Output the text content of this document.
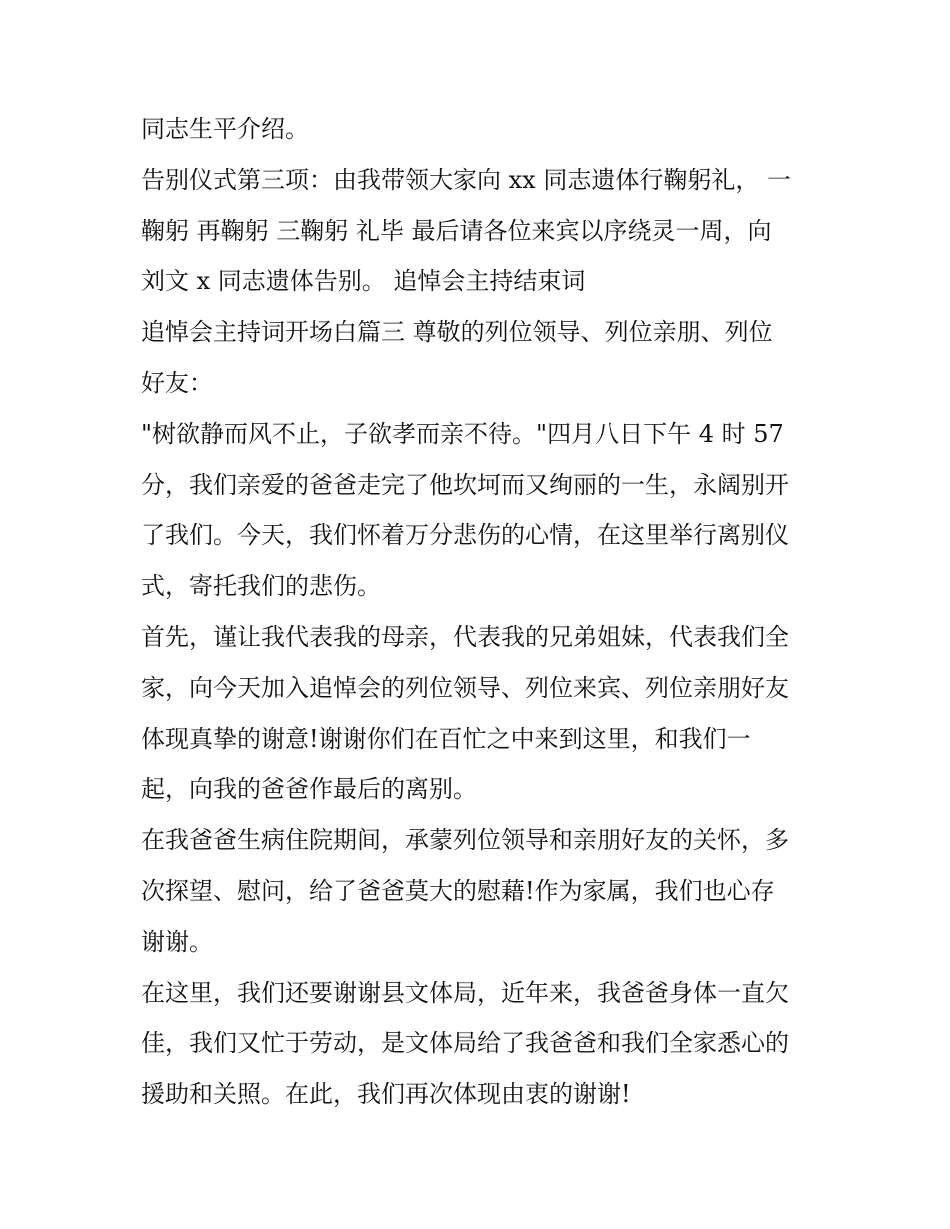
同志生平介绍。
告别仪式第三项：由我带领大家向 xx 同志遗体行鞠躬礼， 一
鞠躬 再鞠躬 三鞠躬 礼毕 最后请各位来宾以序绕灵一周，向
刘文 x 同志遗体告别。 追悼会主持结束词
追悼会主持词开场白篇三 尊敬的列位领导、列位亲朋、列位
好友：
"树欲静而风不止，子欲孝而亲不待。"四月八日下午 4 时 57
分，我们亲爱的爸爸走完了他坎坷而又绚丽的一生，永阔别开
了我们。今天，我们怀着万分悲伤的心情，在这里举行离别仪
式，寄托我们的悲伤。
首先，谨让我代表我的母亲，代表我的兄弟姐妹，代表我们全
家，向今天加入追悼会的列位领导、列位来宾、列位亲朋好友
体现真挚的谢意!谢谢你们在百忙之中来到这里，和我们一
起，向我的爸爸作最后的离别。
在我爸爸生病住院期间，承蒙列位领导和亲朋好友的关怀，多
次探望、慰问，给了爸爸莫大的慰藉!作为家属，我们也心存
谢谢。
在这里，我们还要谢谢县文体局，近年来，我爸爸身体一直欠
佳，我们又忙于劳动，是文体局给了我爸爸和我们全家悉心的
援助和关照。在此，我们再次体现由衷的谢谢!
